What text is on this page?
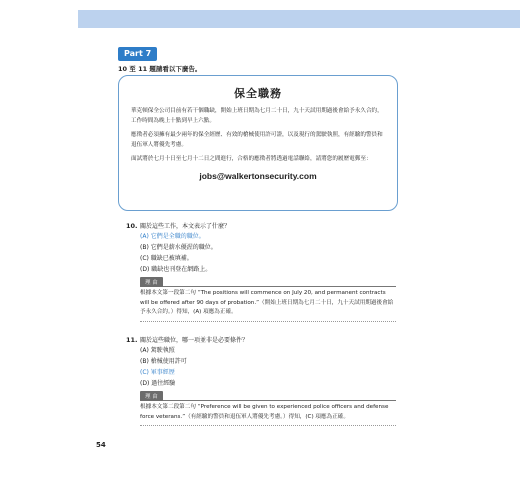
Part 7
10 至 11 題請看以下廣告。
保全職務

華克頓保全公司目前有若干個職缺，開始上班日期為七月二十日，九十天試用期過後會給予永久合約，工作時間為晚上十點到早上六點。

應徵者必須擁有最少兩年的保全經歷、有效的槍械使用許可證，以及現行的駕駛執照，有經驗的警員和退伍軍人將優先考慮。

面試將於七月十日至七月十二日之間進行，合格的應徵者將透過電話聯絡，請將您的履歷電郵至：

jobs@walkertonsecurity.com
10. 關於這些工作，本文表示了什麼？
(A) 它們是全職的職位。
(B) 它們是薪水優渥的職位。
(C) 職缺已被填補。
(D) 職缺也刊登在網路上。
理 由
根據本文第一段第二句 “The positions will commence on July 20, and permanent contracts will be offered after 90 days of probation.”（開始上班日期為七月二十日，九十天試用期過後會給予永久合約。）得知，(A) 項應為正確。
11. 關於這些職位，哪一項並非是必要條件？
(A) 駕駛執照
(B) 槍械使用許可
(C) 軍事經歷
(D) 過往經驗
理 由
根據本文第二段第二句 “Preference will be given to experienced police officers and defense force veterans.”（有經驗的警員和退伍軍人將優先考慮。）得知，(C) 項應為正確。
54
